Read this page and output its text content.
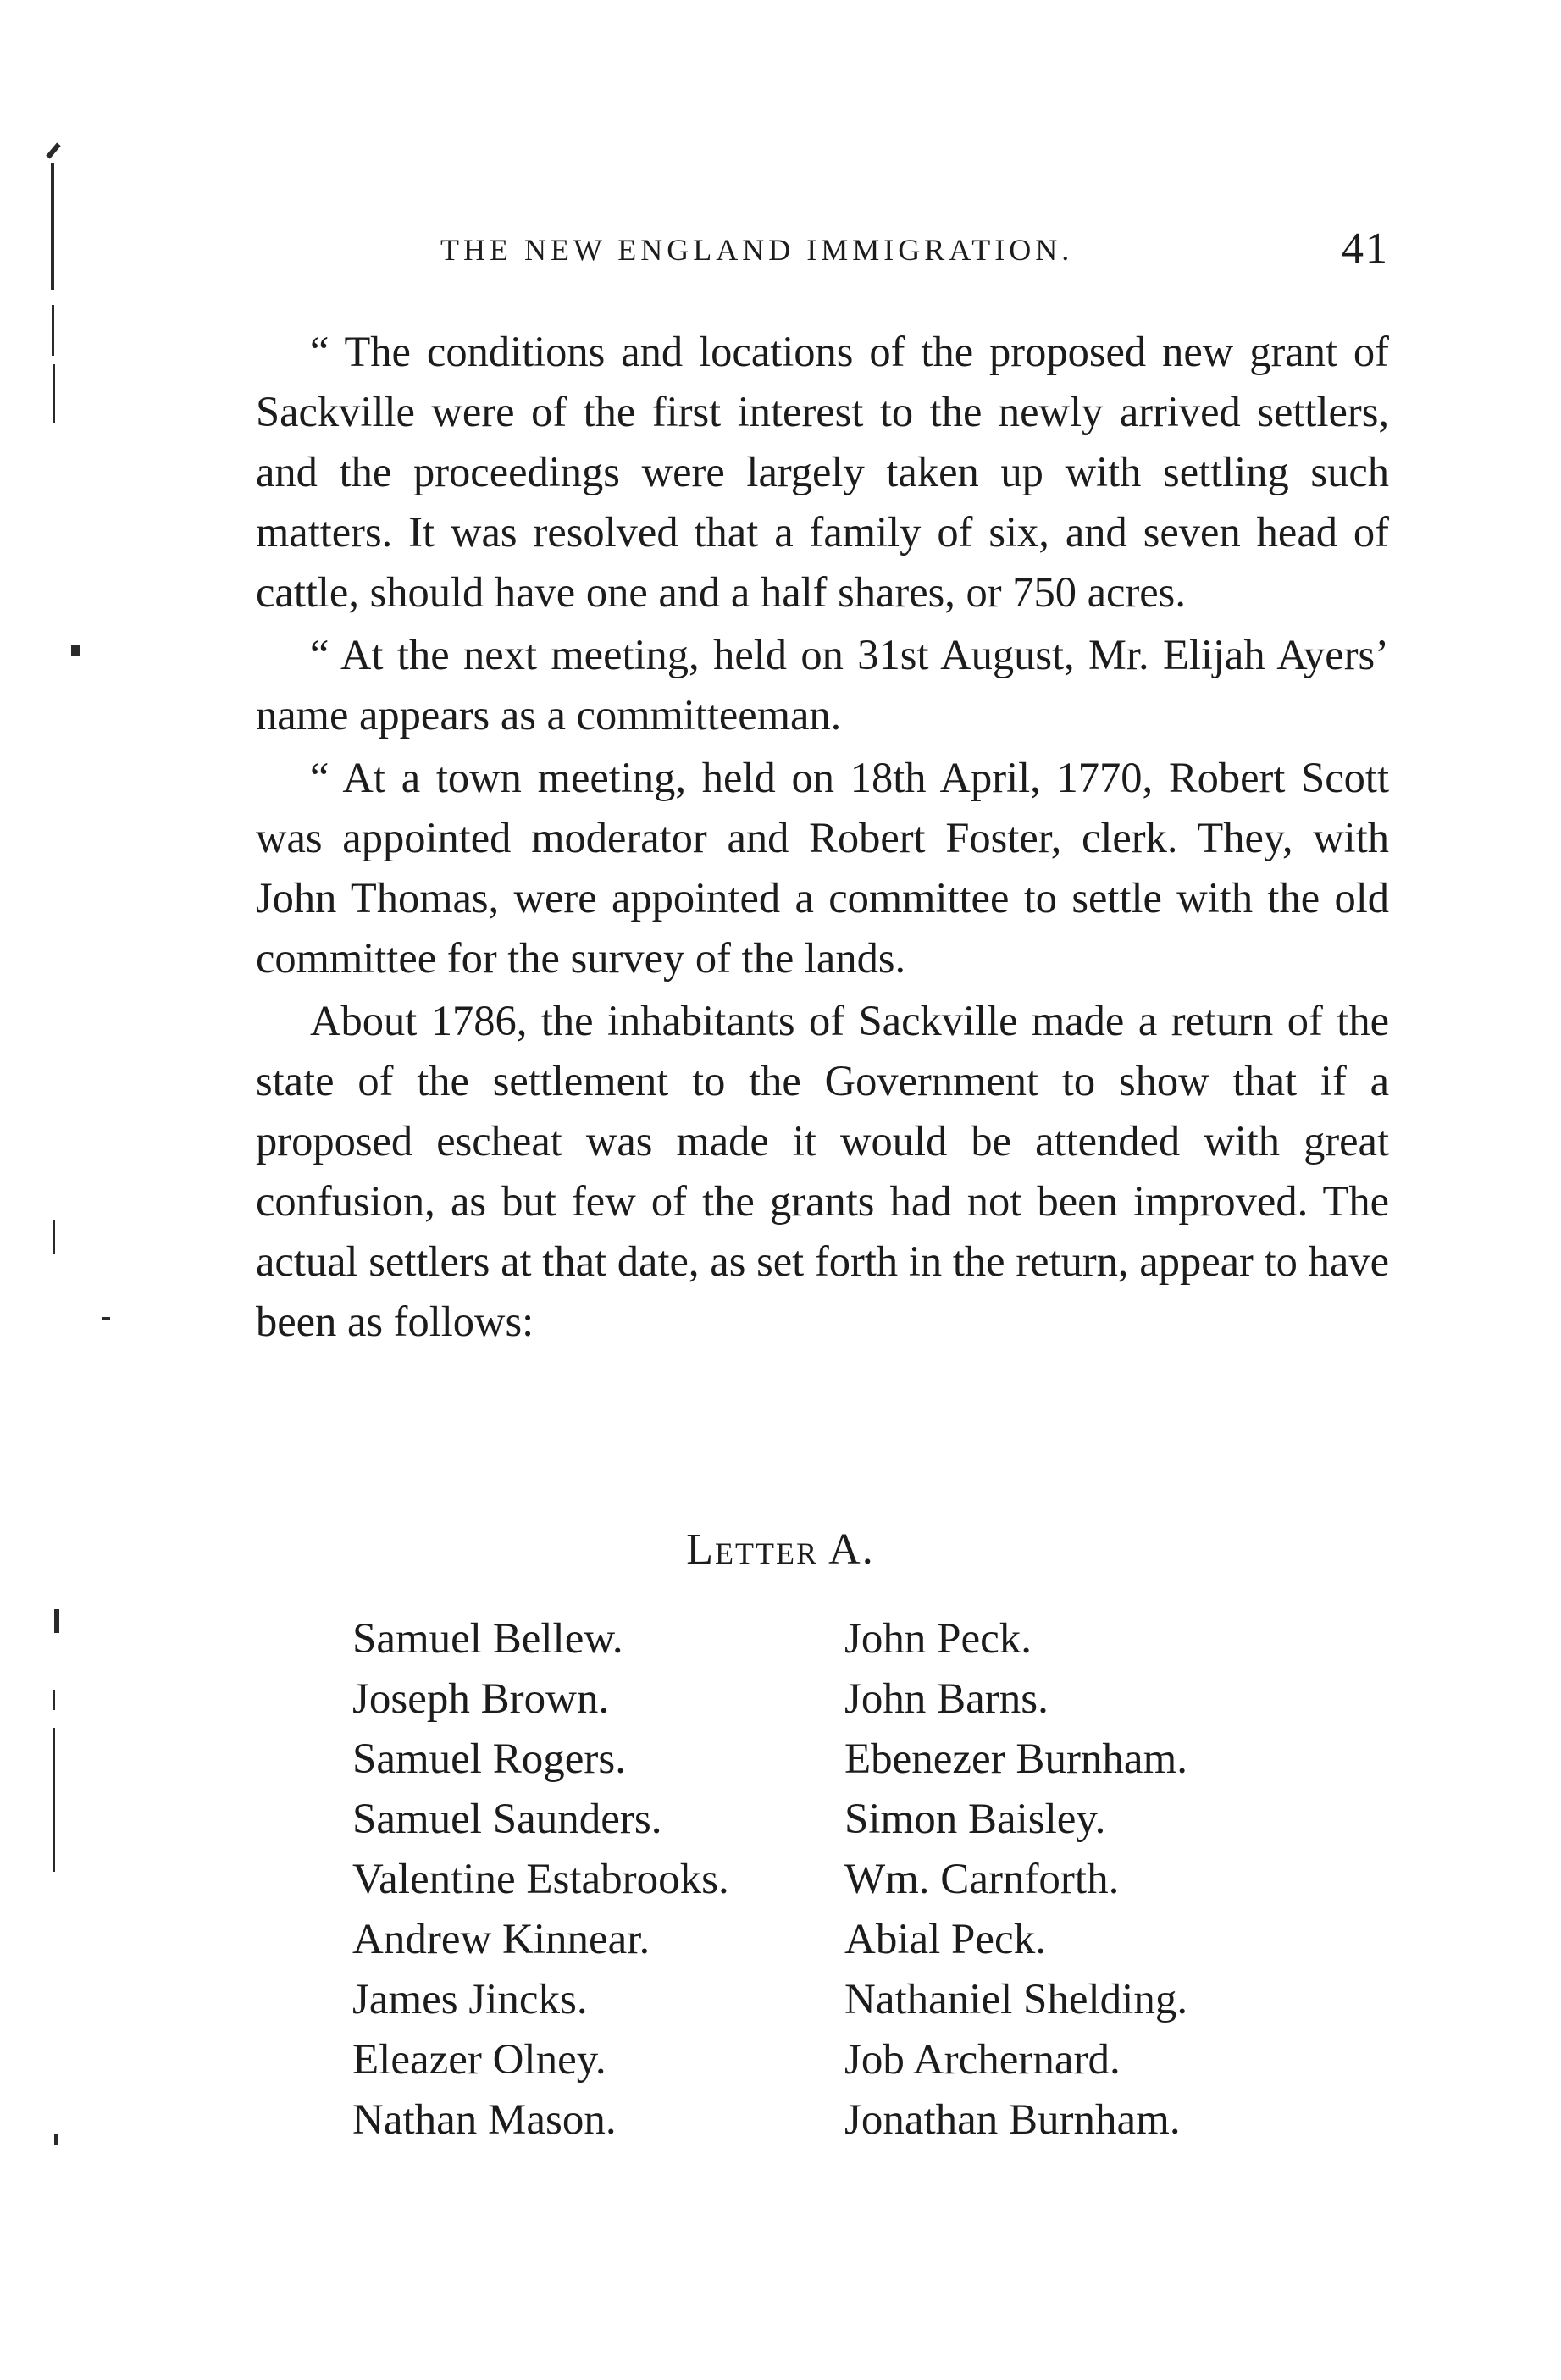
THE NEW ENGLAND IMMIGRATION.	41

“ The conditions and locations of the proposed new grant of Sackville were of the first interest to the newly arrived settlers, and the proceedings were largely taken up with settling such matters. It was resolved that a family of six, and seven head of cattle, should have one and a half shares, or 750 acres.

“ At the next meeting, held on 31st August, Mr. Elijah Ayers’ name appears as a committeeman.

“ At a town meeting, held on 18th April, 1770, Robert Scott was appointed moderator and Robert Foster, clerk. They, with John Thomas, were appointed a committee to settle with the old committee for the survey of the lands.

About 1786, the inhabitants of Sackville made a return of the state of the settlement to the Government to show that if a proposed escheat was made it would be attended with great confusion, as but few of the grants had not been improved. The actual settlers at that date, as set forth in the return, appear to have been as follows:

Letter A.
Samuel Bellew.
Joseph Brown.
Samuel Rogers.
Samuel Saunders.
Valentine Estabrooks.
Andrew Kinnear.
James Jincks.
Eleazer Olney.
Nathan Mason.
John Peck.
John Barns.
Ebenezer Burnham.
Simon Baisley.
Wm. Carnforth.
Abial Peck.
Nathaniel Shelding.
Job Archernard.
Jonathan Burnham.
